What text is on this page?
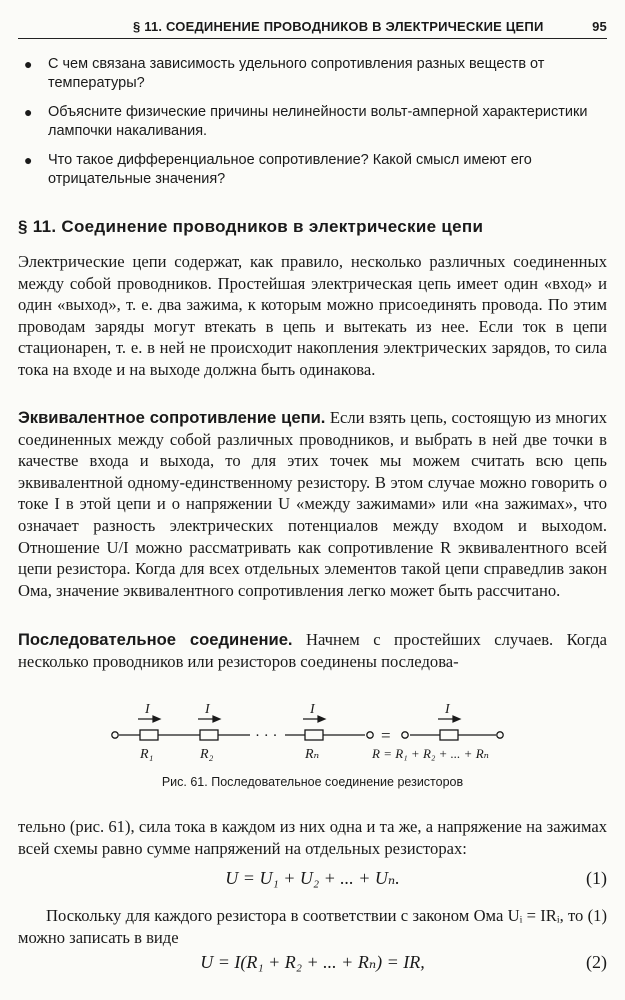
§ 11. СОЕДИНЕНИЕ ПРОВОДНИКОВ В ЭЛЕКТРИЧЕСКИЕ ЦЕПИ	95
● С чем связана зависимость удельного сопротивления разных веществ от температуры?
● Объясните физические причины нелинейности вольт-амперной характеристики лампочки накаливания.
● Что такое дифференциальное сопротивление? Какой смысл имеют его отрицательные значения?
§ 11. Соединение проводников в электрические цепи
Электрические цепи содержат, как правило, несколько различных соединенных между собой проводников. Простейшая электрическая цепь имеет один «вход» и один «выход», т. е. два зажима, к которым можно присоединять провода. По этим проводам заряды могут втекать в цепь и вытекать из нее. Если ток в цепи стационарен, т. е. в ней не происходит накопления электрических зарядов, то сила тока на входе и на выходе должна быть одинакова.
Эквивалентное сопротивление цепи. Если взять цепь, состоящую из многих соединенных между собой различных проводников, и выбрать в ней две точки в качестве входа и выхода, то для этих точек мы можем считать всю цепь эквивалентной одному-единственному резистору. В этом случае можно говорить о токе I в этой цепи и о напряжении U «между зажимами» или «на зажимах», что означает разность электрических потенциалов между входом и выходом. Отношение U/I можно рассматривать как сопротивление R эквивалентного всей цепи резистора. Когда для всех отдельных элементов такой цепи справедлив закон Ома, значение эквивалентного сопротивления легко может быть рассчитано.
Последовательное соединение. Начнем с простейших случаев. Когда несколько проводников или резисторов соединены последова-
I	I	I	I
R₁	R₂	Rₙ	R = R₁ + R₂ + ... + Rₙ
· · ·	=
Рис. 61. Последовательное соединение резисторов
тельно (рис. 61), сила тока в каждом из них одна и та же, а напряжение на зажимах всей схемы равно сумме напряжений на отдельных резисторах:
U = U₁ + U₂ + ... + Uₙ.	(1)
Поскольку для каждого резистора в соответствии с законом Ома Uᵢ = IRᵢ, то (1) можно записать в виде
U = I(R₁ + R₂ + ... + Rₙ) = IR,	(2)
